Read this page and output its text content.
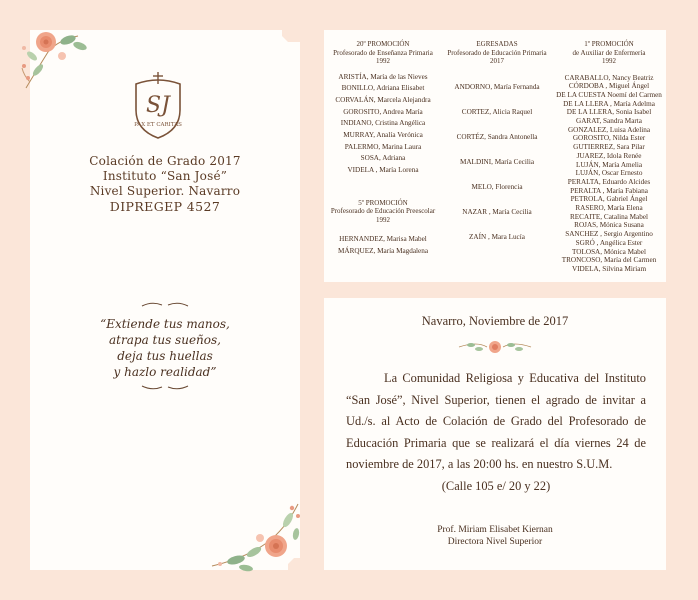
SJ
PAX ET CARITAS
Colación de Grado 2017
Instituto “San José”
Nivel Superior. Navarro
DIPREGEP 4527
“Extiende tus manos,
atrapa tus sueños,
deja tus huellas
y hazlo realidad”
20º PROMOCIÓN
Profesorado de Enseñanza Primaria
1992
ARISTÍA, María de las Nieves
BONILLO, Adriana Elisabet
CORVALÁN, Marcela Alejandra
GOROSITO, Andrea María
INDIANO, Cristina Angélica
MURRAY, Analía Verónica
PALERMO, Marina Laura
SOSA, Adriana
VIDELA , María Lorena
5º PROMOCIÓN
Profesorado de Educación Preescolar
1992
HERNANDEZ, Marisa Mabel
MÁRQUEZ, María Magdalena
EGRESADAS
Profesorado de Educación Primaria
2017
ANDORNO, María Fernanda
CORTEZ, Alicia Raquel
CORTÉZ, Sandra Antonella
MALDINI, María Cecilia
MELO, Florencia
NAZAR , María Cecilia
ZAÍN , Mara Lucía
1º PROMOCIÓN
de Auxiliar de Enfermería
1992
CARABALLO, Nancy Beatriz
CÓRDOBA , Miguel Ángel
DE LA CUESTA Noemí del Carmen
DE LA LLERA , María Adelma
DE LA LLERA, Sonia Isabel
GARAT, Sandra Marta
GONZALEZ, Luisa Adelina
GOROSITO, Nilda Ester
GUTIERREZ, Sara Pilar
JUAREZ, Idola Renée
LUJÁN, María Amelia
LUJÁN, Oscar Ernesto
PERALTA, Eduardo Alcides
PERALTA , María Fabiana
PETROLA, Gabriel Ángel
RASERO, María Elena
RECAITE, Catalina Mabel
ROJAS, Mónica Susana
SANCHEZ , Sergio Argentino
SGRÓ , Angélica Ester
TOLOSA, Mónica Mabel
TRONCOSO, María del Carmen
VIDELA, Silvina Miriam
Navarro, Noviembre de 2017

La Comunidad Religiosa y Educativa del Instituto “San José”, Nivel Superior, tienen el agrado de invitar a Ud./s. al Acto de Colación de Grado del Profesorado de Educación Primaria que se realizará el día viernes 24 de noviembre de 2017, a las 20:00 hs. en nuestro S.U.M.

(Calle 105 e/ 20 y 22)

Prof. Miriam Elisabet Kiernan
Directora Nivel Superior
